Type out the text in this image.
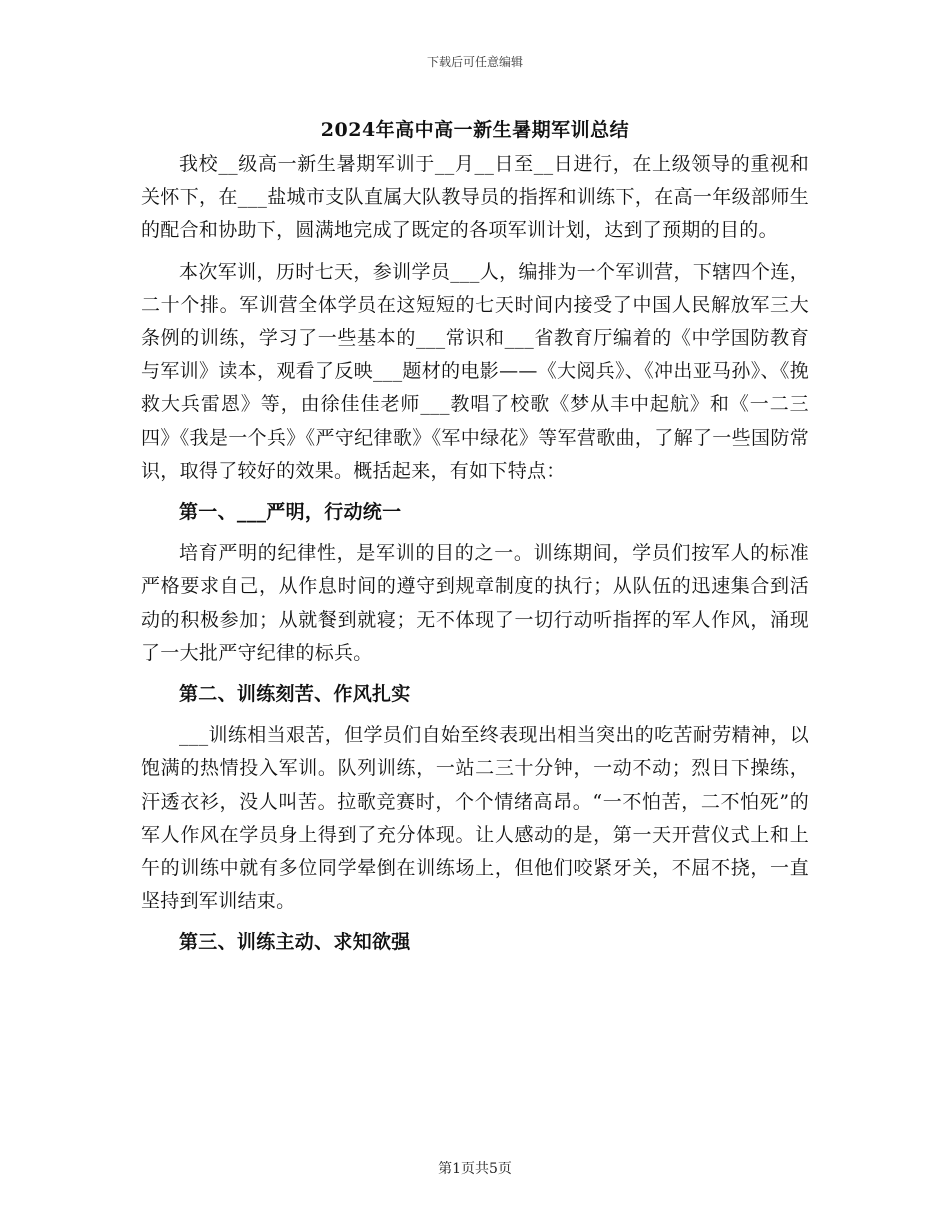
下载后可任意编辑
2024年高中高一新生暑期军训总结

我校__级高一新生暑期军训于__月__日至__日进行，在上级领导的重视和关怀下，在___盐城市支队直属大队教导员的指挥和训练下，在高一年级部师生的配合和协助下，圆满地完成了既定的各项军训计划，达到了预期的目的。

本次军训，历时七天，参训学员___人，编排为一个军训营，下辖四个连，二十个排。军训营全体学员在这短短的七天时间内接受了中国人民解放军三大条例的训练，学习了一些基本的___常识和___省教育厅编着的《中学国防教育与军训》读本，观看了反映___题材的电影——《大阅兵》、《冲出亚马孙》、《挽救大兵雷恩》等，由徐佳佳老师___教唱了校歌《梦从丰中起航》和《一二三四》《我是一个兵》《严守纪律歌》《军中绿花》等军营歌曲，了解了一些国防常识，取得了较好的效果。概括起来，有如下特点：

第一、___严明，行动统一

培育严明的纪律性，是军训的目的之一。训练期间，学员们按军人的标准严格要求自己，从作息时间的遵守到规章制度的执行；从队伍的迅速集合到活动的积极参加；从就餐到就寝；无不体现了一切行动听指挥的军人作风，涌现了一大批严守纪律的标兵。

第二、训练刻苦、作风扎实

___训练相当艰苦，但学员们自始至终表现出相当突出的吃苦耐劳精神，以饱满的热情投入军训。队列训练，一站二三十分钟，一动不动；烈日下操练，汗透衣衫，没人叫苦。拉歌竞赛时，个个情绪高昂。“一不怕苦，二不怕死”的军人作风在学员身上得到了充分体现。让人感动的是，第一天开营仪式上和上午的训练中就有多位同学晕倒在训练场上，但他们咬紧牙关，不屈不挠，一直坚持到军训结束。

第三、训练主动、求知欲强

第1页共5页
